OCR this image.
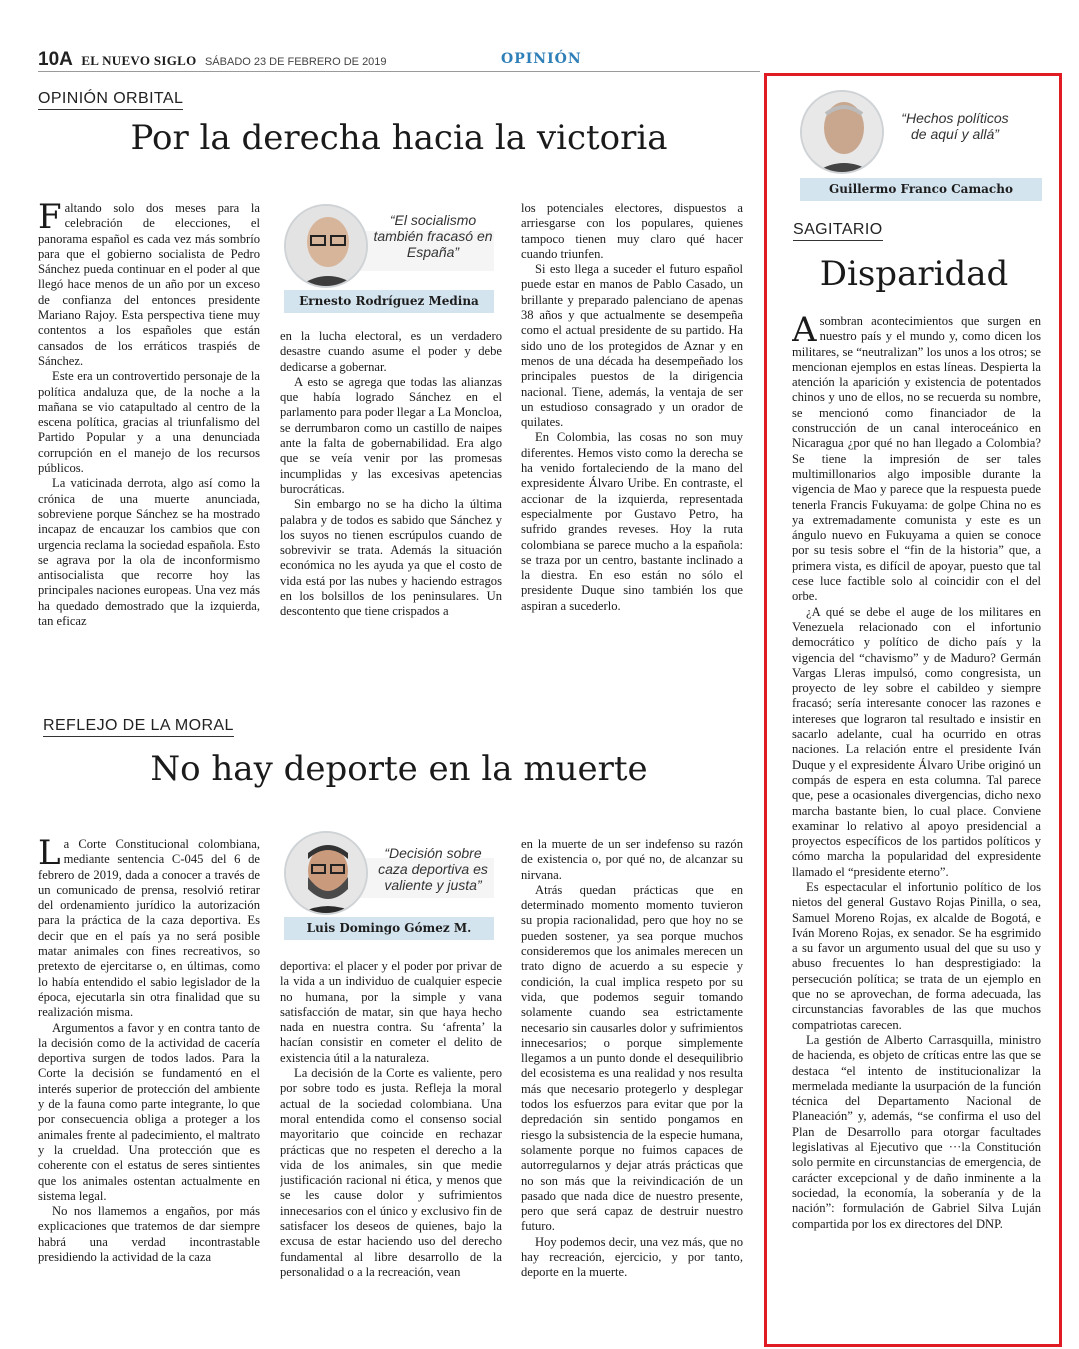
10A EL NUEVO SIGLO SÁBADO 23 DE FEBRERO DE 2019	OPINIÓN
OPINIÓN ORBITAL
Por la derecha hacia la victoria
F altando solo dos meses para la celebración de elecciones, el panorama español es cada vez más sombrío para que el gobierno socialista de Pedro Sánchez pueda continuar en el poder al que llegó hace menos de un año por un exceso de confianza del entonces presidente Mariano Rajoy. Esta perspectiva tiene muy contentos a los españoles que están cansados de los erráticos traspiés de Sánchez.

Este era un controvertido personaje de la política andaluza que, de la noche a la mañana se vio catapultado al centro de la escena política, gracias al triunfalismo del Partido Popular y a una denunciada corrupción en el manejo de los recursos públicos.

La vaticinada derrota, algo así como la crónica de una muerte anunciada, sobreviene porque Sánchez se ha mostrado incapaz de encauzar los cambios que con urgencia reclama la sociedad española. Esto se agrava por la ola de inconformismo antisocialista que recorre hoy las principales naciones europeas. Una vez más ha quedado demostrado que la izquierda, tan eficaz

“El socialismo también fracasó en España”
Ernesto Rodríguez Medina

en la lucha electoral, es un verdadero desastre cuando asume el poder y debe dedicarse a gobernar.

A esto se agrega que todas las alianzas que había logrado Sánchez en el parlamento para poder llegar a La Moncloa, se derrumbaron como un castillo de naipes ante la falta de gobernabilidad. Era algo que se veía venir por las promesas incumplidas y las excesivas apetencias burocráticas.

Sin embargo no se ha dicho la última palabra y de todos es sabido que Sánchez y los suyos no tienen escrúpulos cuando de sobrevivir se trata. Además la situación económica no les ayuda ya que el costo de vida está por las nubes y haciendo estragos en los bolsillos de los peninsulares. Un descontento que tiene crispados a

los potenciales electores, dispuestos a arriesgarse con los populares, quienes tampoco tienen muy claro qué hacer cuando triunfen.

Si esto llega a suceder el futuro español puede estar en manos de Pablo Casado, un brillante y preparado palenciano de apenas 38 años y que actualmente se desempeña como el actual presidente de su partido. Ha sido uno de los protegidos de Aznar y en menos de una década ha desempeñado los principales puestos de la dirigencia nacional. Tiene, además, la ventaja de ser un estudioso consagrado y un orador de quilates.

En Colombia, las cosas no son muy diferentes. Hemos visto como la derecha se ha venido fortaleciendo de la mano del expresidente Álvaro Uribe. En contraste, el accionar de la izquierda, representada especialmente por Gustavo Petro, ha sufrido grandes reveses. Hoy la ruta colombiana se parece mucho a la española: se traza por un centro, bastante inclinado a la diestra. En eso están no sólo el presidente Duque sino también los que aspiran a sucederlo.

REFLEJO DE LA MORAL
No hay deporte en la muerte
L a Corte Constitucional colombiana, mediante sentencia C-045 del 6 de febrero de 2019, dada a conocer a través de un comunicado de prensa, resolvió retirar del ordenamiento jurídico la autorización para la práctica de la caza deportiva. Es decir que en el país ya no será posible matar animales con fines recreativos, so pretexto de ejercitarse o, en últimas, como lo había entendido el sabio legislador de la época, ejecutarla sin otra finalidad que su realización misma.

Argumentos a favor y en contra tanto de la decisión como de la actividad de cacería deportiva surgen de todos lados. Para la Corte la decisión se fundamentó en el interés superior de protección del ambiente y de la fauna como parte integrante, lo que por consecuencia obliga a proteger a los animales frente al padecimiento, el maltrato y la crueldad. Una protección que es coherente con el estatus de seres sintientes que los animales ostentan actualmente en sistema legal.

No nos llamemos a engaños, por más explicaciones que tratemos de dar siempre habrá una verdad incontrastable presidiendo la actividad de la caza

“Decisión sobre caza deportiva es valiente y justa”
Luis Domingo Gómez M.

deportiva: el placer y el poder por privar de la vida a un individuo de cualquier especie no humana, por la simple y vana satisfacción de matar, sin que haya hecho nada en nuestra contra. Su ‘afrenta’ la hacían consistir en cometer el delito de existencia útil a la naturaleza.

La decisión de la Corte es valiente, pero por sobre todo es justa. Refleja la moral actual de la sociedad colombiana. Una moral entendida como el consenso social mayoritario que coincide en rechazar prácticas que no respeten el derecho a la vida de los animales, sin que medie justificación racional ni ética, y menos que se les cause dolor y sufrimientos innecesarios con el único y exclusivo fin de satisfacer los deseos de quienes, bajo la excusa de estar haciendo uso del derecho fundamental al libre desarrollo de la personalidad o a la recreación, vean

en la muerte de un ser indefenso su razón de existencia o, por qué no, de alcanzar su nirvana.

Atrás quedan prácticas que en determinado momento momento tuvieron su propia racionalidad, pero que hoy no se pueden sostener, ya sea porque muchos consideremos que los animales merecen un trato digno de acuerdo a su especie y condición, la cual implica respeto por su vida, que podemos seguir tomando solamente cuando sea estrictamente necesario sin causarles dolor y sufrimientos innecesarios; o porque simplemente llegamos a un punto donde el desequilibrio del ecosistema es una realidad y nos resulta más que necesario protegerlo y desplegar todos los esfuerzos para evitar que por la depredación sin sentido pongamos en riesgo la subsistencia de la especie humana, solamente porque no fuimos capaces de autorregularnos y dejar atrás prácticas que no son más que la reivindicación de un pasado que nada dice de nuestro presente, pero que será capaz de destruir nuestro futuro.

Hoy podemos decir, una vez más, que no hay recreación, ejercicio, y por tanto, deporte en la muerte.

“Hechos políticos de aquí y allá”
Guillermo Franco Camacho
SAGITARIO
Disparidad
A sombran acontecimientos que surgen en nuestro país y el mundo y, como dicen los militares, se “neutralizan” los unos a los otros; se mencionan ejemplos en estas líneas. Despierta la atención la aparición y existencia de potentados chinos y uno de ellos, no se recuerda su nombre, se mencionó como financiador de la construcción de un canal interoceánico en Nicaragua ¿por qué no han llegado a Colombia? Se tiene la impresión de ser tales multimillonarios algo imposible durante la vigencia de Mao y parece que la respuesta puede tenerla Francis Fukuyama: de golpe China no es ya extremadamente comunista y este es un ángulo nuevo en Fukuyama a quien se conoce por su tesis sobre el “fin de la historia” que, a primera vista, es difícil de apoyar, puesto que tal cese luce factible solo al coincidir con el del orbe.

¿A qué se debe el auge de los militares en Venezuela relacionado con el infortunio democrático y político de dicho país y la vigencia del “chavismo” y de Maduro? Germán Vargas Lleras impulsó, como congresista, un proyecto de ley sobre el cabildeo y siempre fracasó; sería interesante conocer las razones e intereses que lograron tal resultado e insistir en sacarlo adelante, cual ha ocurrido en otras naciones. La relación entre el presidente Iván Duque y el expresidente Álvaro Uribe originó un compás de espera en esta columna. Tal parece que, pese a ocasionales divergencias, dicho nexo marcha bastante bien, lo cual place. Conviene examinar lo relativo al apoyo presidencial a proyectos específicos de los partidos políticos y cómo marcha la popularidad del expresidente llamado el “presidente eterno”.

Es espectacular el infortunio político de los nietos del general Gustavo Rojas Pinilla, o sea, Samuel Moreno Rojas, ex alcalde de Bogotá, e Iván Moreno Rojas, ex senador. Se ha esgrimido a su favor un argumento usual del que su uso y abuso frecuentes lo han desprestigiado: la persecución política; se trata de un ejemplo en que no se aprovechan, de forma adecuada, las circunstancias favorables de las que muchos compatriotas carecen.

La gestión de Alberto Carrasquilla, ministro de hacienda, es objeto de críticas entre las que se destaca “el intento de institucionalizar la mermelada mediante la usurpación de la función técnica del Departamento Nacional de Planeación” y, además, “se confirma el uso del Plan de Desarrollo para otorgar facultades legislativas al Ejecutivo que ···la Constitución solo permite en circunstancias de emergencia, de carácter excepcional y de daño inminente a la sociedad, la economía, la soberanía y de la nación”: formulación de Gabriel Silva Luján compartida por los ex directores del DNP.
